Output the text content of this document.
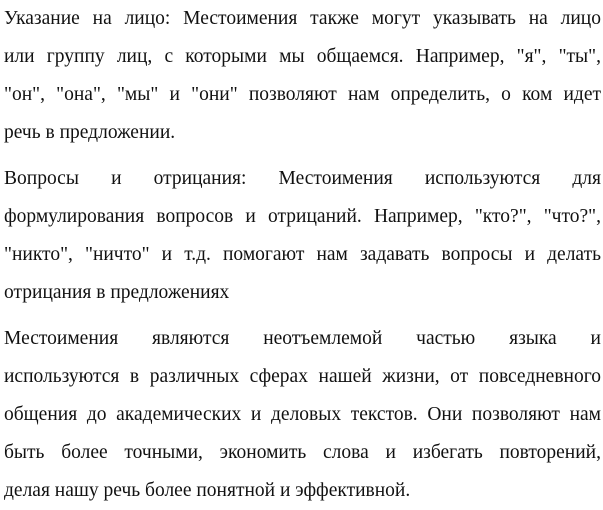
Указание на лицо: Местоимения также могут указывать на лицо
или группу лиц, с которыми мы общаемся. Например, "я", "ты",
"он", "она", "мы" и "они" позволяют нам определить, о ком идет
речь в предложении.
Вопросы и отрицания: Местоимения используются для
формулирования вопросов и отрицаний. Например, "кто?", "что?",
"никто", "ничто" и т.д. помогают нам задавать вопросы и делать
отрицания в предложениях
Местоимения являются неотъемлемой частью языка и
используются в различных сферах нашей жизни, от повседневного
общения до академических и деловых текстов. Они позволяют нам
быть более точными, экономить слова и избегать повторений,
делая нашу речь более понятной и эффективной.
